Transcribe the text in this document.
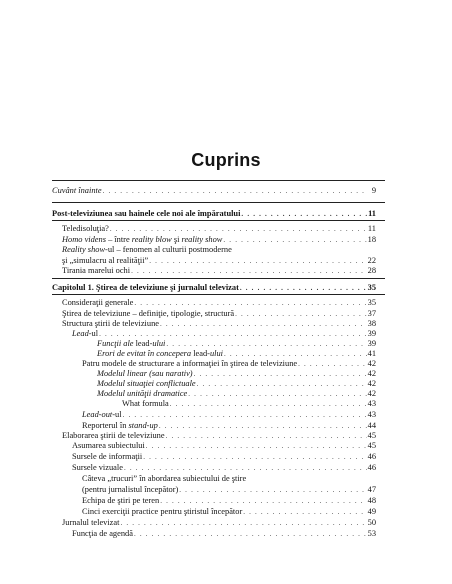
Cuprins
Cuvânt înainte . . .	9
Post-televiziunea sau hainele cele noi ale împăratului . . .	11
Teledisoluţia? . . .	11
Homo videns – între reality blow şi reality show . . .	18
Reality show-ul – fenomen al culturii postmoderne
şi „simulacru al realităţii” . . .	22
Tirania marelui ochi . . .	28
Capitolul 1. Ştirea de televiziune şi jurnalul televizat . . .	35
Consideraţii generale . . .	35
Ştirea de televiziune – definiţie, tipologie, structură . . .	37
Structura ştirii de televiziune . . .	38
Lead-ul . . .	39
Funcţii ale lead-ului . . .	39
Erori de evitat în concepera lead-ului . . .	41
Patru modele de structurare a informaţiei în ştirea de televiziune . . .	42
Modelul linear (sau narativ) . . .	42
Modelul situaţiei conflictuale . . .	42
Modelul unităţii dramatice . . .	42
What formula . . .	43
Lead-out-ul . . .	43
Reporterul în stand-up . . .	44
Elaborarea ştirii de televiziune . . .	45
Asumarea subiectului . . .	45
Sursele de informaţii . . .	46
Sursele vizuale . . .	46
Câteva „trucuri” în abordarea subiectului de ştire
(pentru jurnalistul începător) . . .	47
Echipa de ştiri pe teren . . .	48
Cinci exerciţii practice pentru ştiristul începător . . .	49
Jurnalul televizat . . .	50
Funcţia de agendă . . .	53
